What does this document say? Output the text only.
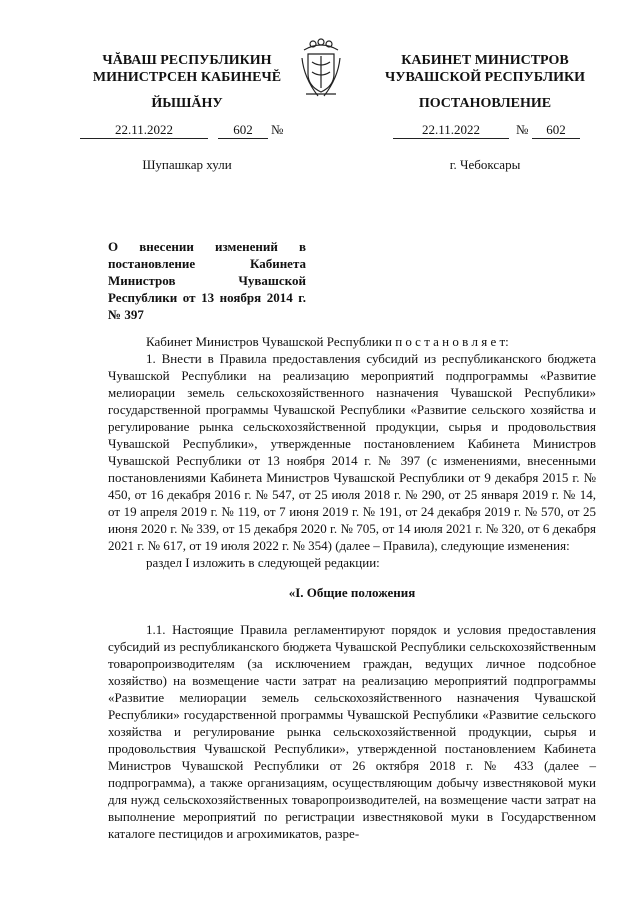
ЧĂВАШ РЕСПУБЛИКИН
МИНИСТРСЕН КАБИНЕЧĔ
КАБИНЕТ МИНИСТРОВ
ЧУВАШСКОЙ РЕСПУБЛИКИ
ЙЫШĂНУ	ПОСТАНОВЛЕНИЕ
22.11.2022	602	№	22.11.2022	№	602
Шупашкар хули	г. Чебоксары
О внесении изменений в постановление Кабинета Министров Чувашской Республики от 13 ноября 2014 г. № 397

Кабинет Министров Чувашской Республики п о с т а н о в л я е т:

1. Внести в Правила предоставления субсидий из республиканского бюджета Чувашской Республики на реализацию мероприятий подпрограммы «Развитие мелиорации земель сельскохозяйственного назначения Чувашской Республики» государственной программы Чувашской Республики «Развитие сельского хозяйства и регулирование рынка сельскохозяйственной продукции, сырья и продовольствия Чувашской Республики», утвержденные постановлением Кабинета Министров Чувашской Республики от 13 ноября 2014 г. № 397 (с изменениями, внесенными постановлениями Кабинета Министров Чувашской Республики от 9 декабря 2015 г. № 450, от 16 декабря 2016 г. № 547, от 25 июля 2018 г. № 290, от 25 января 2019 г. № 14, от 19 апреля 2019 г. № 119, от 7 июня 2019 г. № 191, от 24 декабря 2019 г. № 570, от 25 июня 2020 г. № 339, от 15 декабря 2020 г. № 705, от 14 июля 2021 г. № 320, от 6 декабря 2021 г. № 617, от 19 июля 2022 г. № 354) (далее – Правила), следующие изменения:

раздел I изложить в следующей редакции:

«I. Общие положения

1.1. Настоящие Правила регламентируют порядок и условия предоставления субсидий из республиканского бюджета Чувашской Республики сельскохозяйственным товаропроизводителям (за исключением граждан, ведущих личное подсобное хозяйство) на возмещение части затрат на реализацию мероприятий подпрограммы «Развитие мелиорации земель сельскохозяйственного назначения Чувашской Республики» государственной программы Чувашской Республики «Развитие сельского хозяйства и регулирование рынка сельскохозяйственной продукции, сырья и продовольствия Чувашской Республики», утвержденной постановлением Кабинета Министров Чувашской Республики от 26 октября 2018 г. № 433 (далее – подпрограмма), а также организациям, осуществляющим добычу известняковой муки для нужд сельскохозяйственных товаропроизводителей, на возмещение части затрат на выполнение мероприятий по регистрации известняковой муки в Государственном каталоге пестицидов и агрохимикатов, разре-
